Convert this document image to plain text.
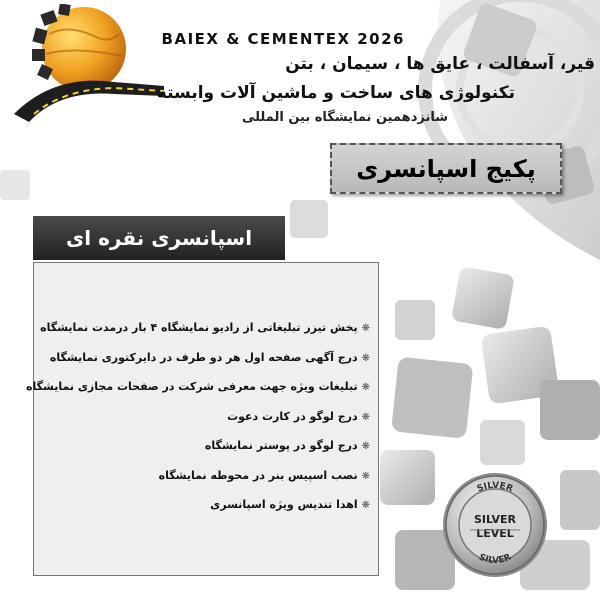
BAIEX & CEMENTEX 2026
قیر، آسفالت ، عایق ها ، سیمان ، بتن
تکنولوژی های ساخت و ماشین آلات وابسته
شانزدهمین نمایشگاه بین المللی
پکیج اسپانسری
اسپانسری نقره ای
❋پخش تیزر تبلیغاتی از رادیو نمایشگاه ۴ بار درمدت نمایشگاه
❋درج آگهی صفحه اول هر دو طرف در دایرکتوری نمایشگاه
❋تبلیغات ویژه جهت معرفی شرکت در صفحات مجازی نمایشگاه
❋درج لوگو در کارت دعوت
❋درج لوگو در پوستر نمایشگاه
❋نصب اسپیس بنر در محوطه نمایشگاه
❋اهدا تندیس ویژه اسپانسری
SILVER
SILVER
SILVER
LEVEL
